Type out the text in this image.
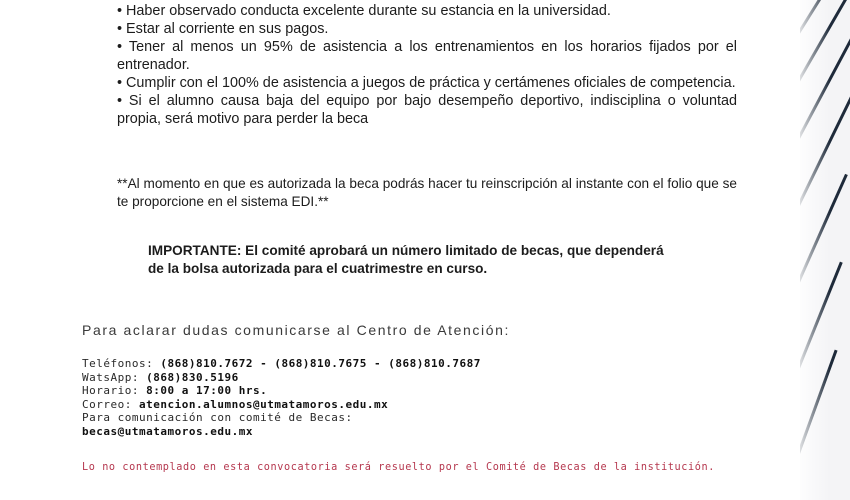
• Haber observado conducta excelente durante su estancia en la universidad.
• Estar al corriente en sus pagos.
• Tener al menos un 95% de asistencia a los entrenamientos en los horarios fijados por el entrenador.
• Cumplir con el 100% de asistencia a juegos de práctica y certámenes oficiales de competencia.
• Si el alumno causa baja del equipo por bajo desempeño deportivo, indisciplina o voluntad propia, será motivo para perder la beca

**Al momento en que es autorizada la beca podrás hacer tu reinscripción al instante con el folio que se te proporcione en el sistema EDI.**

IMPORTANTE: El comité aprobará un número limitado de becas, que dependerá
de la bolsa autorizada para el cuatrimestre en curso.

Para aclarar dudas comunicarse al Centro de Atención:

Teléfonos: (868)810.7672 - (868)810.7675 - (868)810.7687
WatsApp: (868)830.5196
Horario: 8:00 a 17:00 hrs.
Correo: atencion.alumnos@utmatamoros.edu.mx
Para comunicación con comité de Becas:
becas@utmatamoros.edu.mx

Lo no contemplado en esta convocatoria será resuelto por el Comité de Becas de la institución.
